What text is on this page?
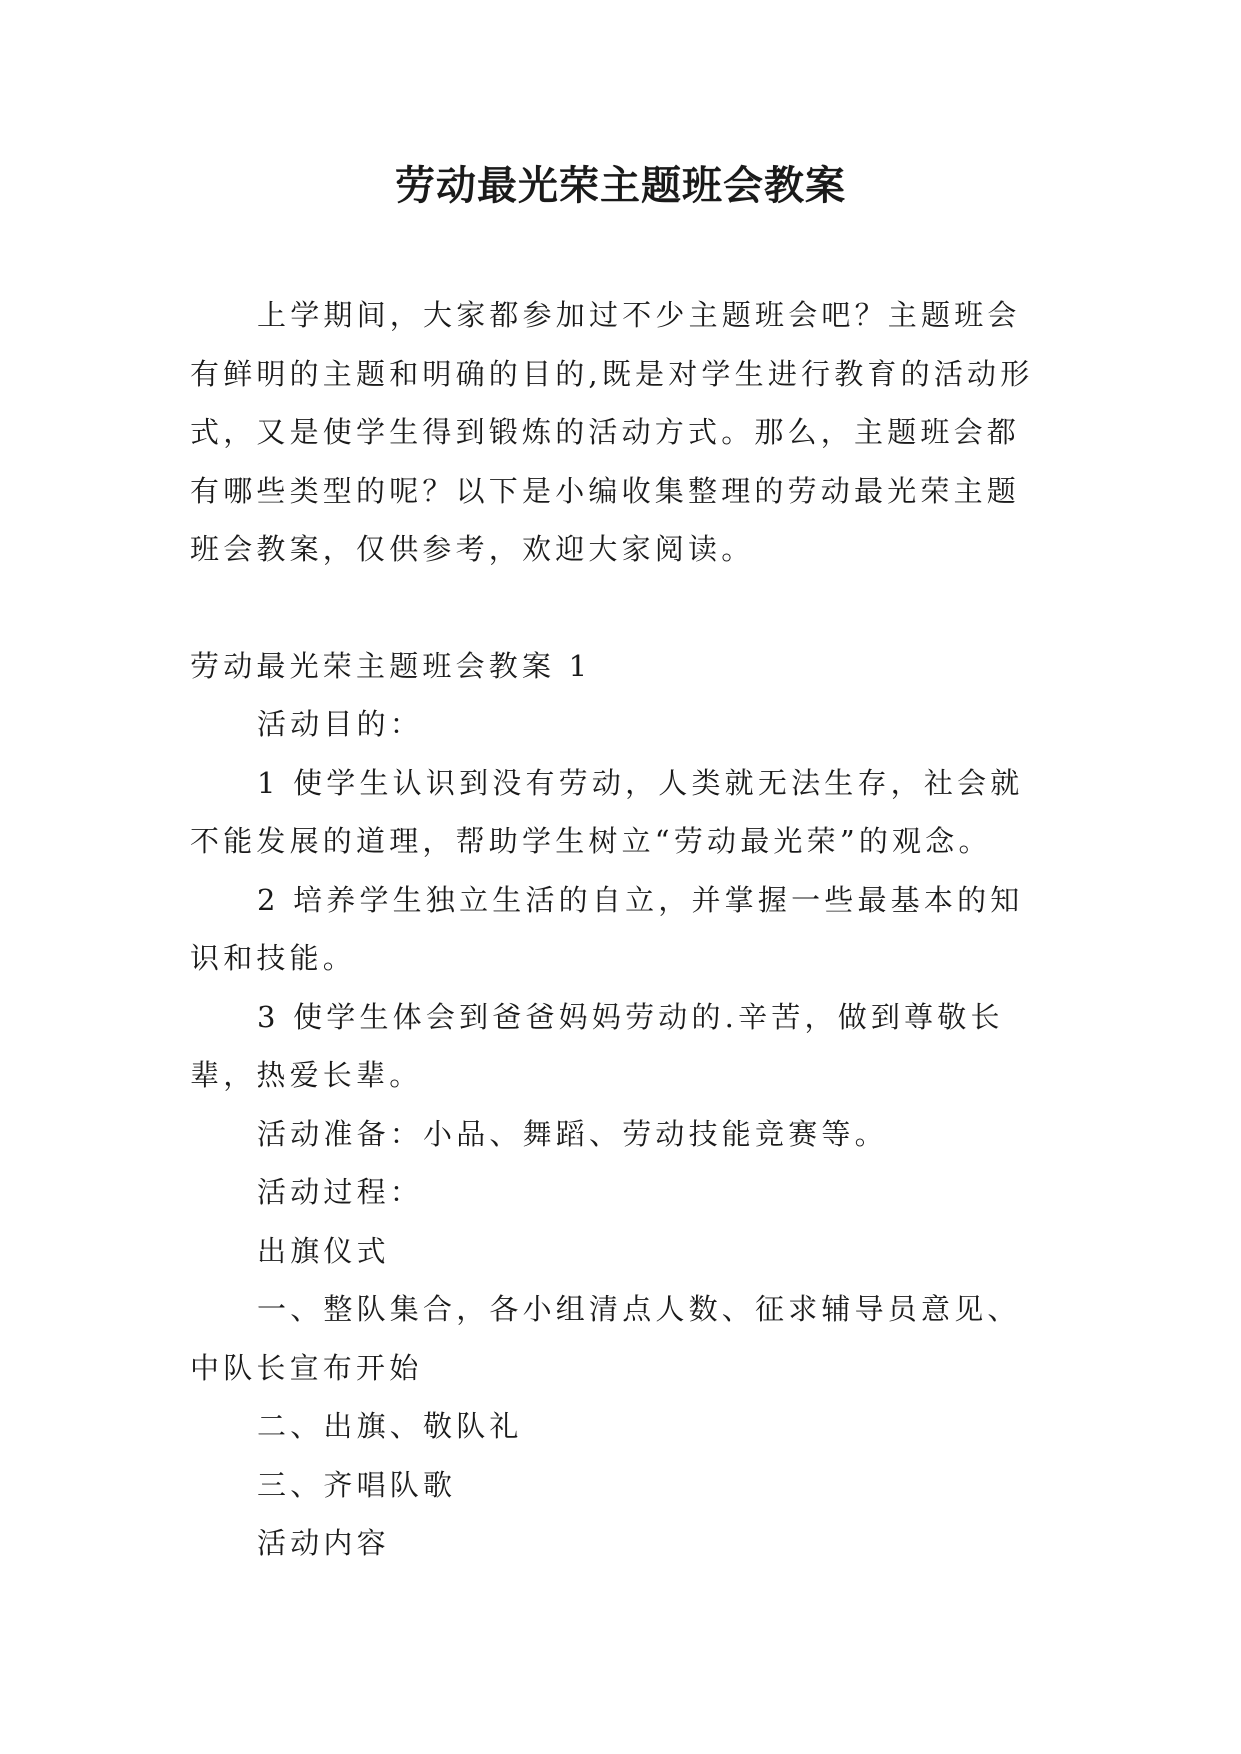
劳动最光荣主题班会教案

上学期间，大家都参加过不少主题班会吧？主题班会有鲜明的主题和明确的目的,既是对学生进行教育的活动形式，又是使学生得到锻炼的活动方式。那么，主题班会都有哪些类型的呢？以下是小编收集整理的劳动最光荣主题班会教案，仅供参考，欢迎大家阅读。

劳动最光荣主题班会教案 1

活动目的：

1 使学生认识到没有劳动，人类就无法生存，社会就不能发展的道理，帮助学生树立“劳动最光荣”的观念。

2 培养学生独立生活的自立，并掌握一些最基本的知识和技能。

3 使学生体会到爸爸妈妈劳动的.辛苦，做到尊敬长辈，热爱长辈。

活动准备：小品、舞蹈、劳动技能竞赛等。

活动过程：

出旗仪式

一、整队集合，各小组清点人数、征求辅导员意见、中队长宣布开始

二、出旗、敬队礼

三、齐唱队歌

活动内容
